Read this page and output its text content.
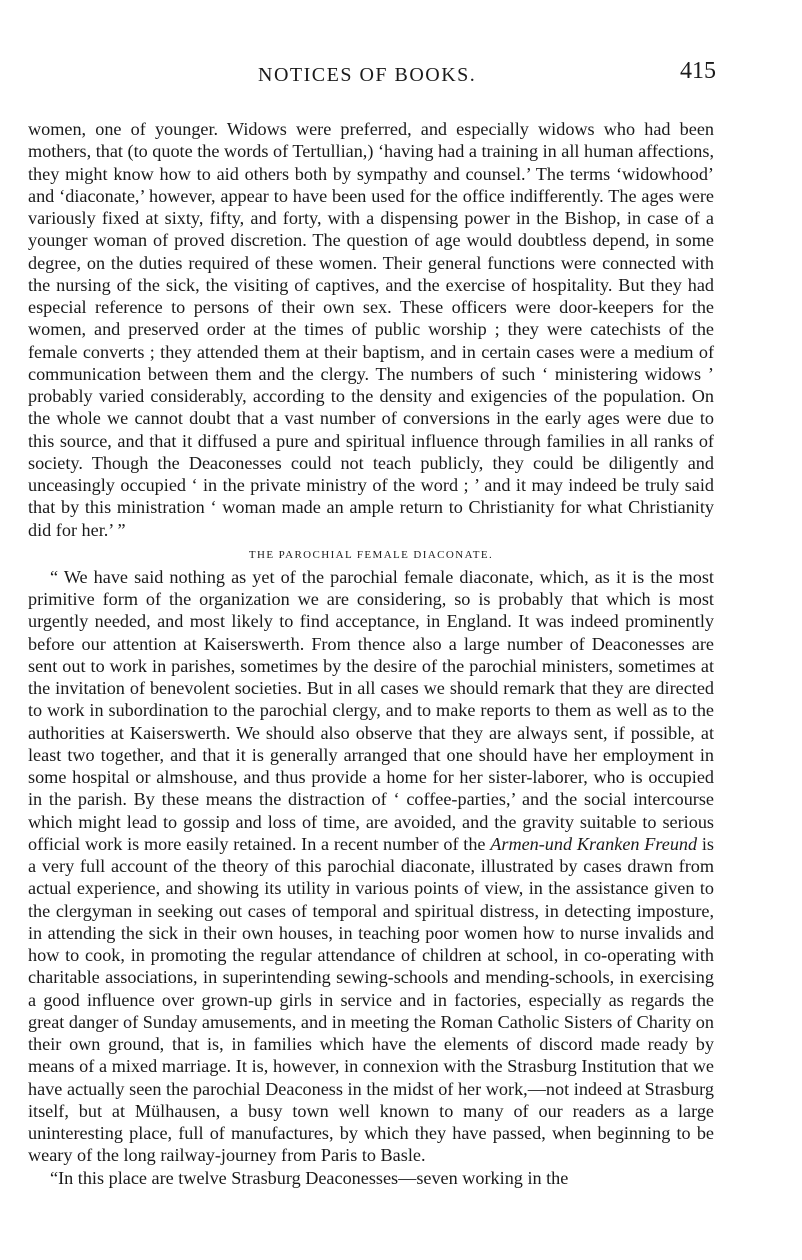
NOTICES OF BOOKS.	415

women, one of younger. Widows were preferred, and especially widows who had been mothers, that (to quote the words of Tertullian,) ‘having had a training in all human affections, they might know how to aid others both by sympathy and counsel.’ The terms ‘widowhood’ and ‘diaconate,’ however, appear to have been used for the office indifferently. The ages were variously fixed at sixty, fifty, and forty, with a dispensing power in the Bishop, in case of a younger woman of proved discretion. The question of age would doubtless depend, in some degree, on the duties required of these women. Their general functions were connected with the nursing of the sick, the visiting of captives, and the exercise of hospitality. But they had especial reference to persons of their own sex. These officers were door-keepers for the women, and preserved order at the times of public worship ; they were catechists of the female converts ; they attended them at their baptism, and in certain cases were a medium of communication between them and the clergy. The numbers of such ‘ ministering widows ’ probably varied considerably, according to the density and exigencies of the population. On the whole we cannot doubt that a vast number of conversions in the early ages were due to this source, and that it diffused a pure and spiritual influence through families in all ranks of society. Though the Deaconesses could not teach publicly, they could be diligently and unceasingly occupied ‘ in the private ministry of the word ; ’ and it may indeed be truly said that by this ministration ‘ woman made an ample return to Christianity for what Christianity did for her.’ ”

THE PAROCHIAL FEMALE DIACONATE.

“ We have said nothing as yet of the parochial female diaconate, which, as it is the most primitive form of the organization we are considering, so is probably that which is most urgently needed, and most likely to find acceptance, in England. It was indeed prominently before our attention at Kaiserswerth. From thence also a large number of Deaconesses are sent out to work in parishes, sometimes by the desire of the parochial ministers, sometimes at the invitation of benevolent societies. But in all cases we should remark that they are directed to work in subordination to the parochial clergy, and to make reports to them as well as to the authorities at Kaiserswerth. We should also observe that they are always sent, if possible, at least two together, and that it is generally arranged that one should have her employment in some hospital or almshouse, and thus provide a home for her sister-laborer, who is occupied in the parish. By these means the distraction of ‘ coffee-parties,’ and the social intercourse which might lead to gossip and loss of time, are avoided, and the gravity suitable to serious official work is more easily retained. In a recent number of the Armen-und Kranken Freund is a very full account of the theory of this parochial diaconate, illustrated by cases drawn from actual experience, and showing its utility in various points of view, in the assistance given to the clergyman in seeking out cases of temporal and spiritual distress, in detecting imposture, in attending the sick in their own houses, in teaching poor women how to nurse invalids and how to cook, in promoting the regular attendance of children at school, in co-operating with charitable associations, in superintending sewing-schools and mending-schools, in exercising a good influence over grown-up girls in service and in factories, especially as regards the great danger of Sunday amusements, and in meeting the Roman Catholic Sisters of Charity on their own ground, that is, in families which have the elements of discord made ready by means of a mixed marriage. It is, however, in connexion with the Strasburg Institution that we have actually seen the parochial Deaconess in the midst of her work,—not indeed at Strasburg itself, but at Mülhausen, a busy town well known to many of our readers as a large uninteresting place, full of manufactures, by which they have passed, when beginning to be weary of the long railway-journey from Paris to Basle.

“In this place are twelve Strasburg Deaconesses—seven working in the
